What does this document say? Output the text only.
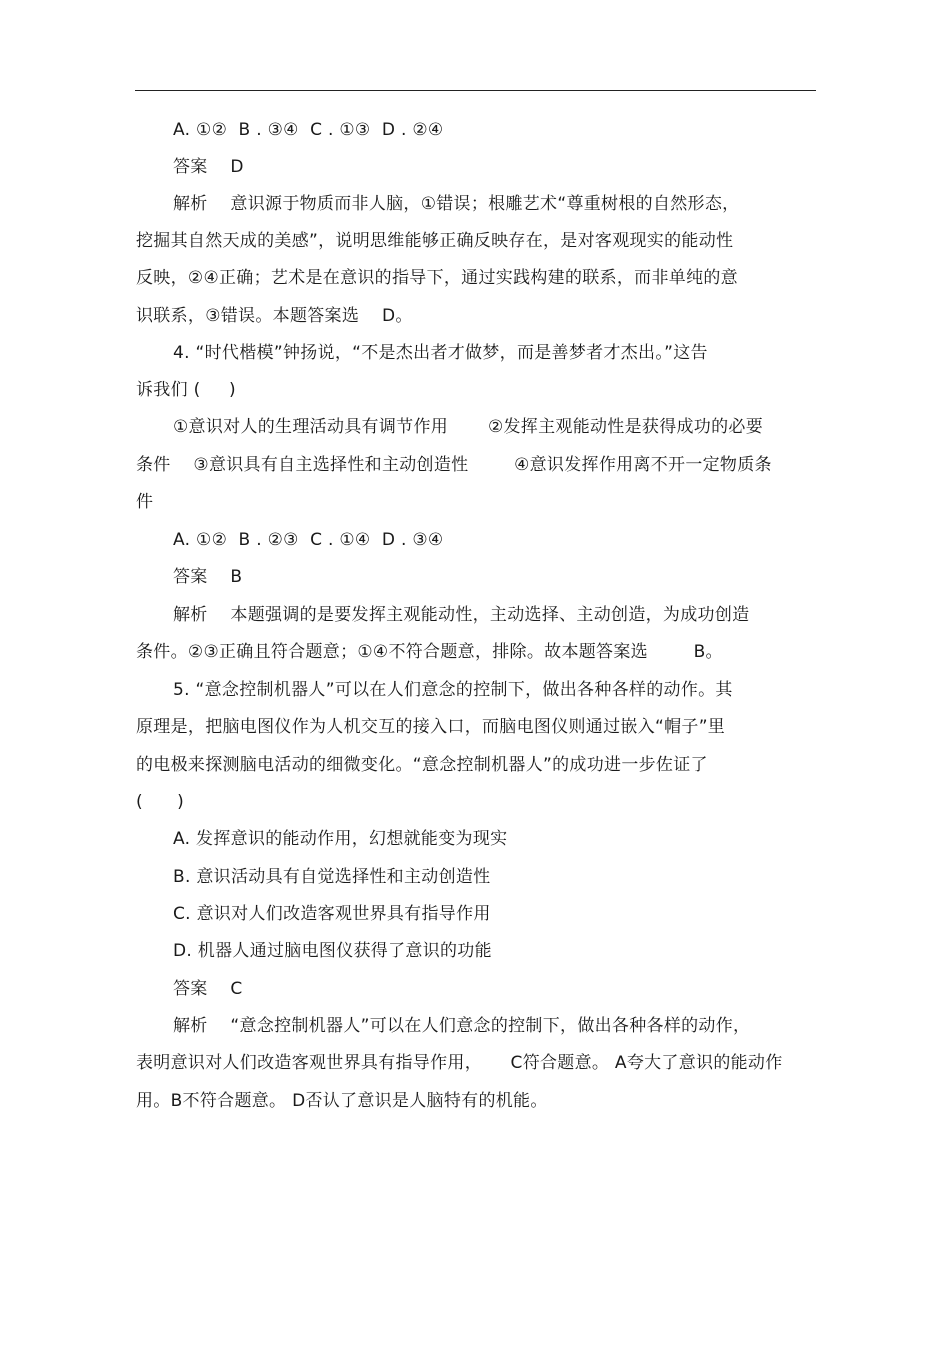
A. ①②  B . ③④  C . ①③  D . ②④
答案    D
解析    意识源于物质而非人脑，①错误；根雕艺术“尊重树根的自然形态，
挖掘其自然天成的美感”，说明思维能够正确反映存在，是对客观现实的能动性
反映，②④正确；艺术是在意识的指导下，通过实践构建的联系，而非单纯的意
识联系，③错误。本题答案选    D。
4. “时代楷模”钟扬说，“不是杰出者才做梦，而是善梦者才杰出。”这告
诉我们 (     )
①意识对人的生理活动具有调节作用       ②发挥主观能动性是获得成功的必要
条件    ③意识具有自主选择性和主动创造性        ④意识发挥作用离不开一定物质条
件
A. ①②  B . ②③  C . ①④  D . ③④
答案    B
解析    本题强调的是要发挥主观能动性，主动选择、主动创造，为成功创造
条件。②③正确且符合题意；①④不符合题意，排除。故本题答案选        B。
5. “意念控制机器人”可以在人们意念的控制下，做出各种各样的动作。其
原理是，把脑电图仪作为人机交互的接入口，而脑电图仪则通过嵌入“帽子”里
的电极来探测脑电活动的细微变化。“意念控制机器人”的成功进一步佐证了
(      )
A. 发挥意识的能动作用，幻想就能变为现实
B. 意识活动具有自觉选择性和主动创造性
C. 意识对人们改造客观世界具有指导作用
D. 机器人通过脑电图仪获得了意识的功能
答案    C
解析    “意念控制机器人”可以在人们意念的控制下，做出各种各样的动作，
表明意识对人们改造客观世界具有指导作用，     C符合题意。 A夸大了意识的能动作
用。B不符合题意。 D否认了意识是人脑特有的机能。
